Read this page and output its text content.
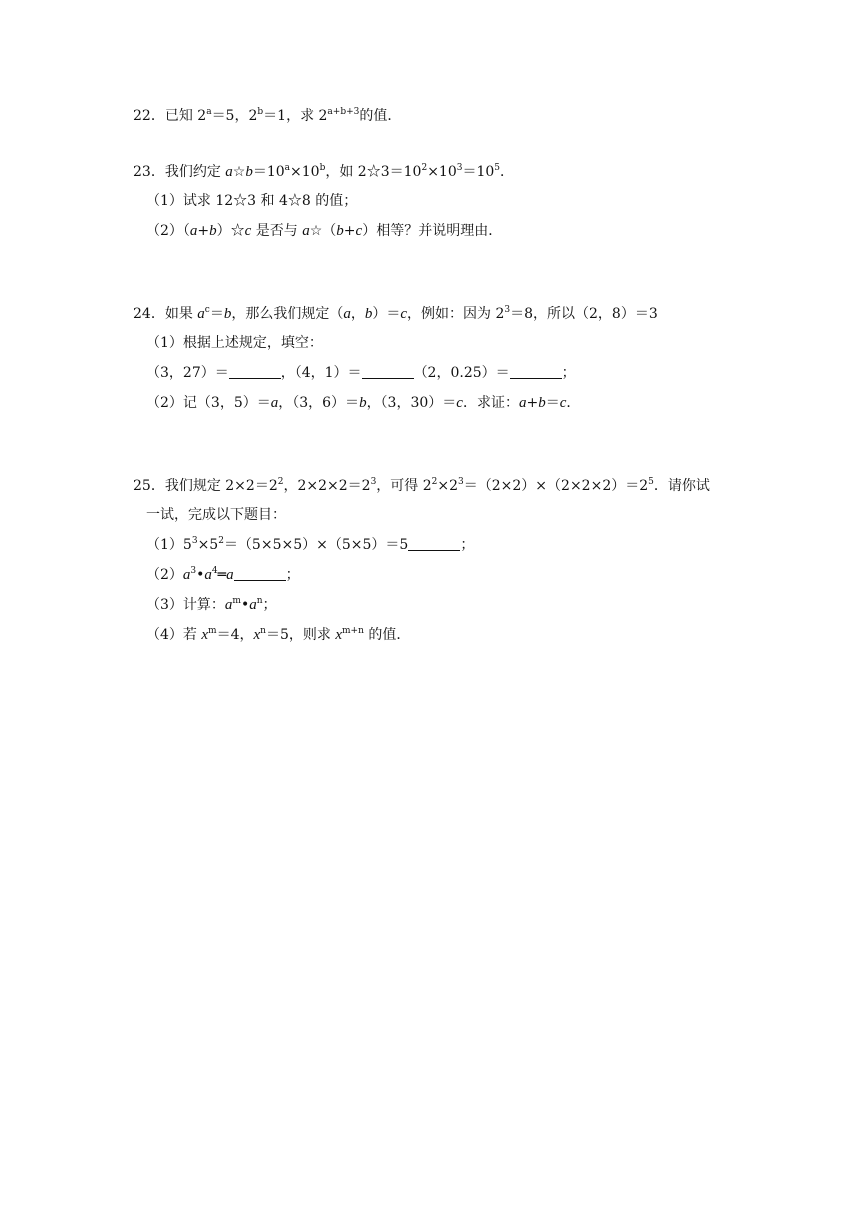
22．已知 $2^a=5$，$2^b=1$，求 $2^{a+b+3}$的值．
23．我们约定 $a☆b=10^a\times 10^b$，如 $2☆3=10^2\times 10^3=10^5$．
（1）试求 12☆3 和 4☆8 的值；
（2）（a+b）☆c 是否与 a☆（b+c）相等？并说明理由．
24．如果 $a^c=b$，那么我们规定（a，b）＝c，例如：因为 $2^3=8$，所以（2，8）＝3
（1）根据上述规定，填空：
（3，27）＝	，（4，1）＝	（2，0.25）＝	；
（2）记（3，5）＝a，（3，6）＝b，（3，30）＝c．求证：a+b＝c．
25．我们规定 $2\times 2=2^2$，$2\times 2\times 2=2^3$，可得 $2^2\times 2^3=(2\times 2)\times(2\times 2\times 2)=2^5$．请你试
一试，完成以下题目：
$(1)5^3\times 5^2=(5\times 5\times 5)\times(5\times 5)=5$	；
$(2)a^3•a^4═a$	；
（3）计算：$a^m•a^n$；
（4）若 $x^m=4$，$x^n=5$，则求 $x^{m+n}$ 的值．
